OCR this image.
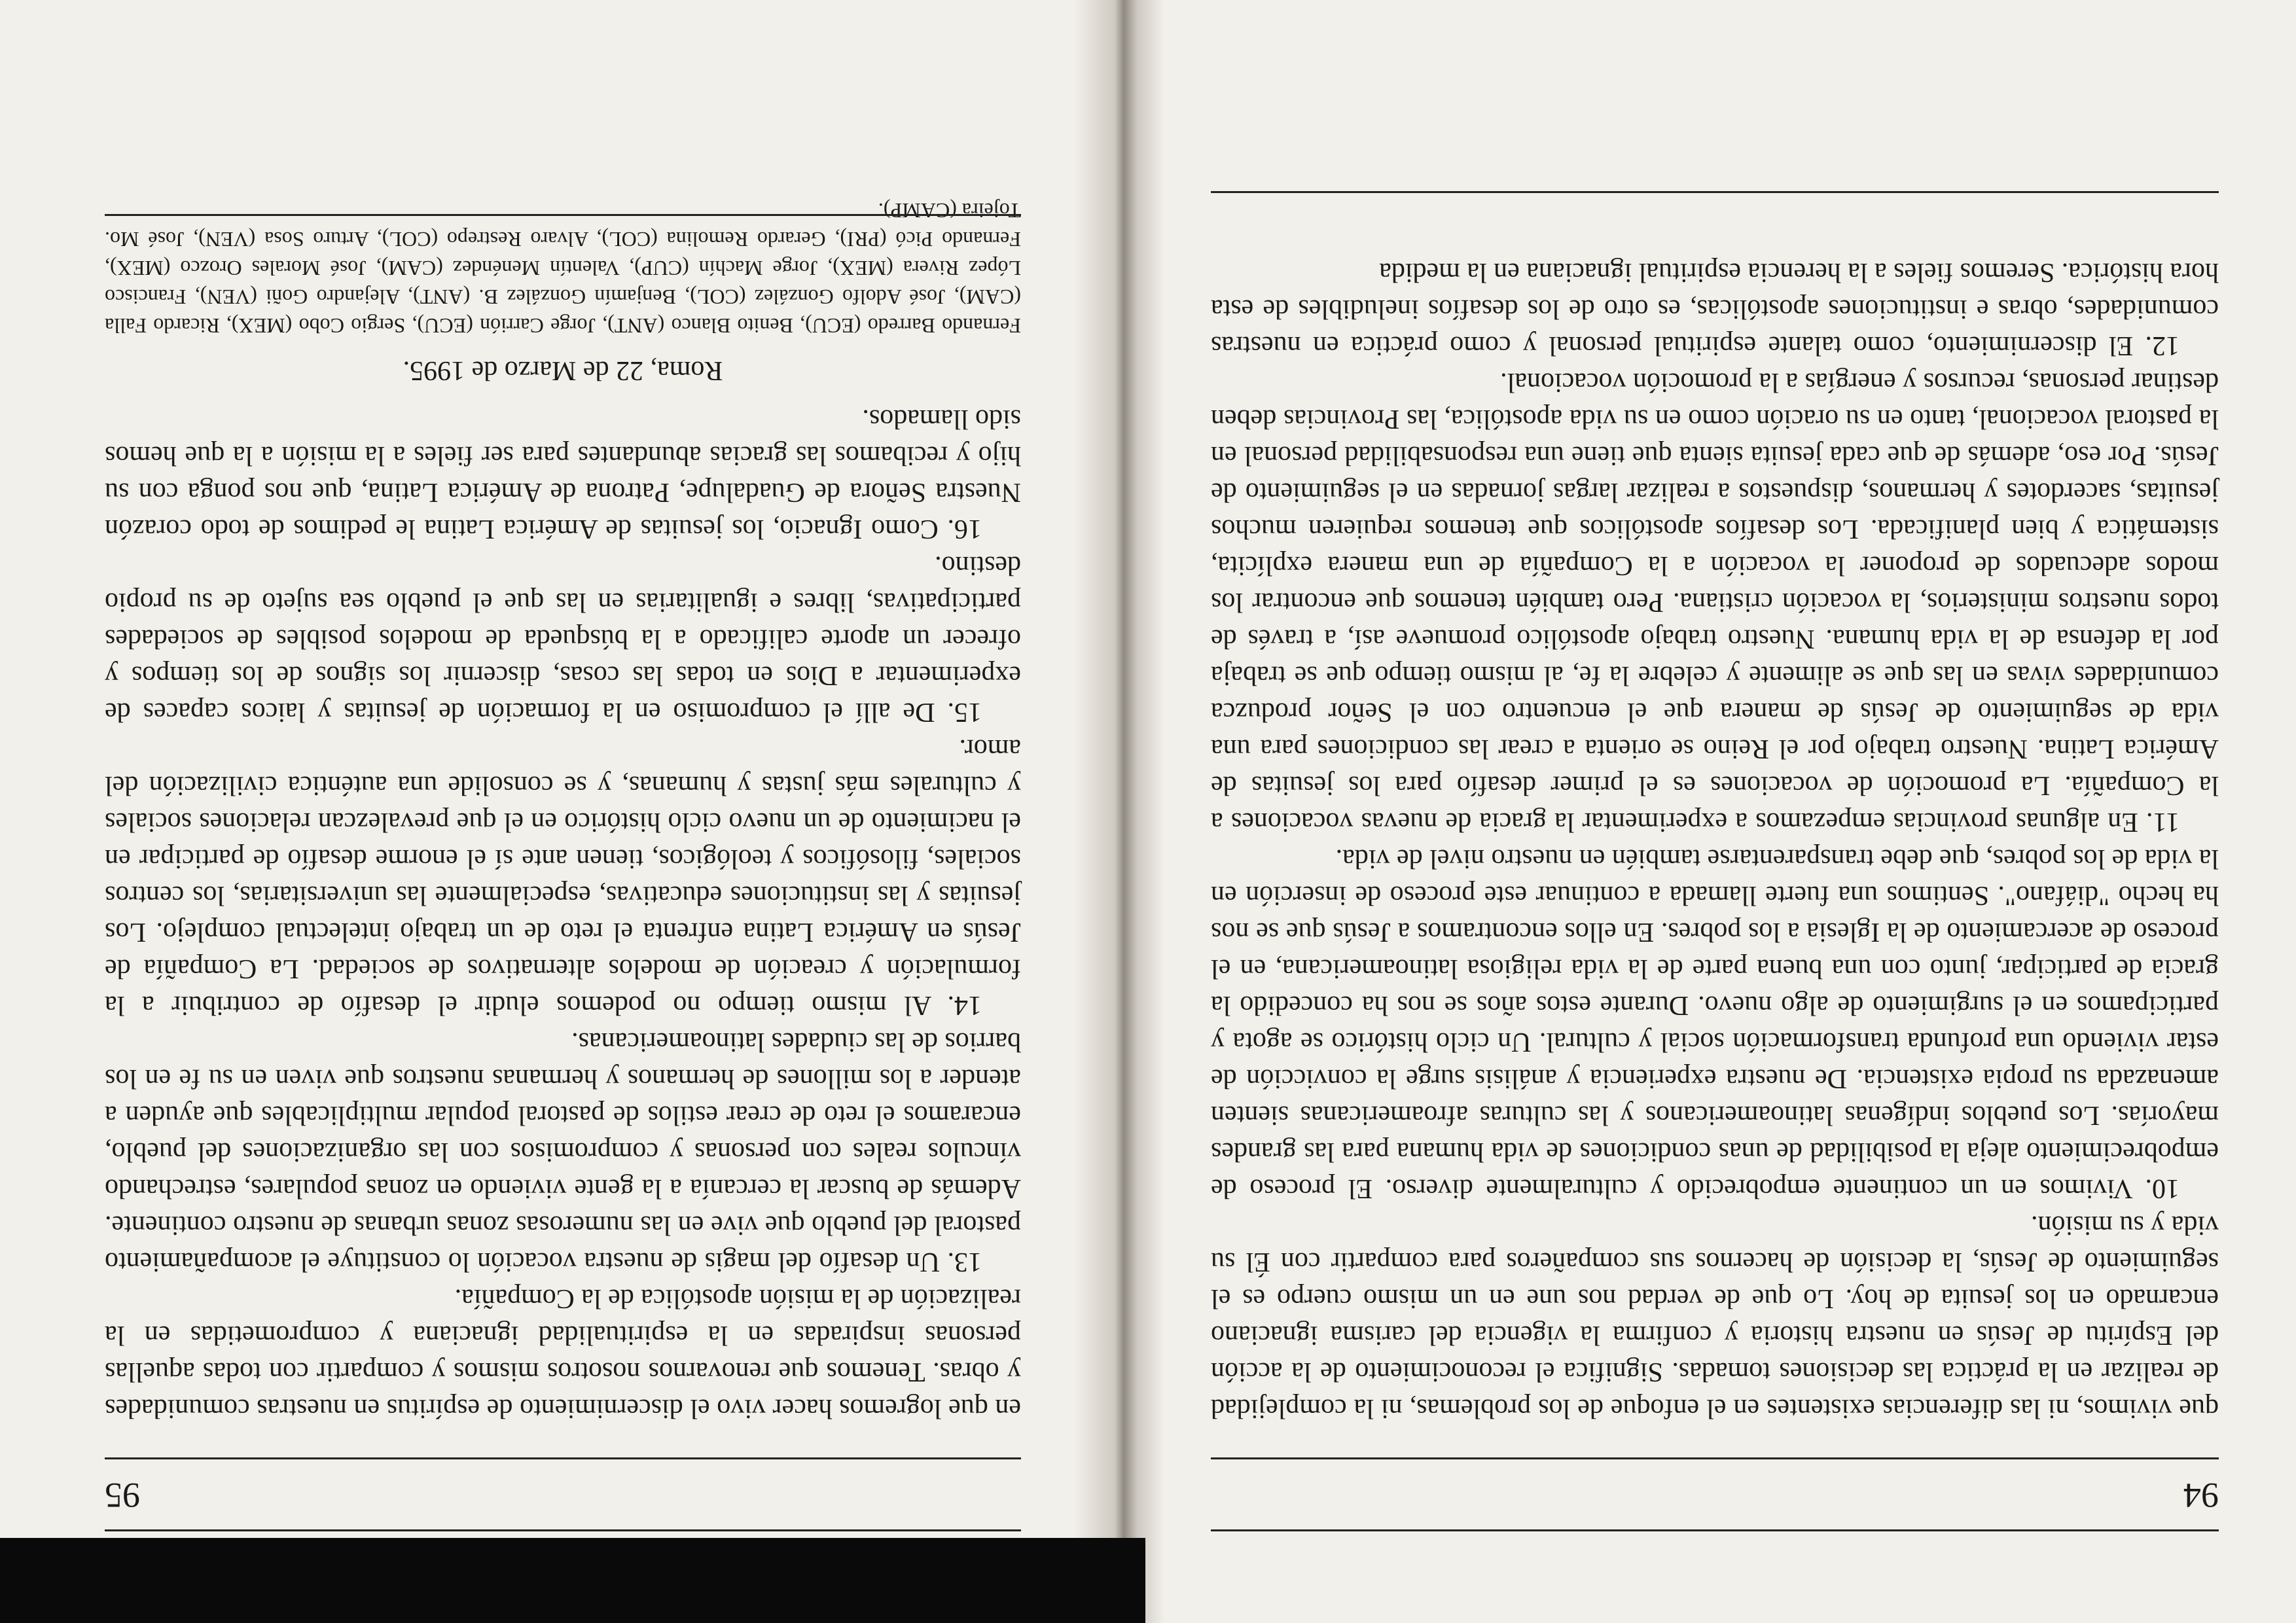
95

en que logremos hacer vivo el discernimiento de espíritus en nuestras comunidades y obras. Tenemos que renovarnos nosotros mismos y compartir con todas aquellas personas inspiradas en la espiritualidad ignaciana y comprometidas en la realización de la misión apostólica de la Compañía.

13. Un desafío del magis de nuestra vocación lo constituye el acompañamiento pastoral del pueblo que vive en las numerosas zonas urbanas de nuestro continente. Además de buscar la cercanía a la gente viviendo en zonas populares, estrechando vínculos reales con personas y compromisos con las organizaciones del pueblo, encaramos el reto de crear estilos de pastoral popular multiplicables que ayuden a atender a los millones de hermanos y hermanas nuestros que viven en su fe en los barrios de las ciudades latinoamericanas.

14. Al mismo tiempo no podemos eludir el desafío de contribuir a la formulación y creación de modelos alternativos de sociedad. La Compañía de Jesús en América Latina enfrenta el reto de un trabajo intelectual complejo. Los jesuitas y las instituciones educativas, especialmente las universitarias, los centros sociales, filosóficos y teológicos, tienen ante sí el enorme desafío de participar en el nacimiento de un nuevo ciclo histórico en el que prevalezcan relaciones sociales y culturales más justas y humanas, y se consolide una auténtica civilización del amor.

15. De allí el compromiso en la formación de jesuitas y laicos capaces de experimentar a Dios en todas las cosas, discernir los signos de los tiempos y ofrecer un aporte calificado a la búsqueda de modelos posibles de sociedades participativas, libres e igualitarias en las que el pueblo sea sujeto de su propio destino.

16. Como Ignacio, los jesuitas de América Latina le pedimos de todo corazón Nuestra Señora de Guadalupe, Patrona de América Latina, que nos ponga con su hijo y recibamos las gracias abundantes para ser fieles a la misión a la que hemos sido llamados.

Roma, 22 de Marzo de 1995.

Fernando Barredo (ECU), Benito Blanco (ANT), Jorge Carrión (ECU), Sergio Cobo (MEX), Ricardo Falla (CAM), José Adolfo González (COL), Benjamín González B. (ANT), Alejandro Goñi (VEN), Francisco López Rivera (MEX), Jorge Machín (CUP), Valentín Menéndez (CAM), José Morales Orozco (MEX), Fernando Picó (PRI), Gerardo Remolina (COL), Alvaro Restrepo (COL), Arturo Sosa (VEN), José Mo. Tojeira (CAMP).

94

que vivimos, ni las diferencias existentes en el enfoque de los problemas, ni la complejidad de realizar en la práctica las decisiones tomadas. Significa el reconocimiento de la acción del Espíritu de Jesús en nuestra historia y confirma la vigencia del carisma ignaciano encarnado en los jesuita de hoy. Lo que de verdad nos une en un mismo cuerpo es el seguimiento de Jesús, la decisión de hacernos sus compañeros para compartir con Él su vida y su misión.

10. Vivimos en un continente empobrecido y culturalmente diverso. El proceso de empobrecimiento aleja la posibilidad de unas condiciones de vida humana para las grandes mayorías. Los pueblos indígenas latinoamericanos y las culturas afroamericanas sienten amenazada su propia existencia. De nuestra experiencia y análisis surge la convicción de estar viviendo una profunda transformación social y cultural. Un ciclo histórico se agota y participamos en el surgimiento de algo nuevo. Durante estos años se nos ha concedido la gracia de participar, junto con una buena parte de la vida religiosa latinoamericana, en el proceso de acercamiento de la Iglesia a los pobres. En ellos encontramos a Jesús que se nos ha hecho "diáfano". Sentimos una fuerte llamada a continuar este proceso de inserción en la vida de los pobres, que debe transparentarse también en nuestro nivel de vida.

11. En algunas provincias empezamos a experimentar la gracia de nuevas vocaciones a la Compañía. La promoción de vocaciones es el primer desafío para los jesuitas de América Latina. Nuestro trabajo por el Reino se orienta a crear las condiciones para una vida de seguimiento de Jesús de manera que el encuentro con el Señor produzca comunidades vivas en las que se alimente y celebre la fe, al mismo tiempo que se trabaja por la defensa de la vida humana. Nuestro trabajo apostólico promueve así, a través de todos nuestros ministerios, la vocación cristiana. Pero también tenemos que encontrar los modos adecuados de proponer la vocación a la Compañía de una manera explícita, sistemática y bien planificada. Los desafíos apostólicos que tenemos requieren muchos jesuitas, sacerdotes y hermanos, dispuestos a realizar largas jornadas en el seguimiento de Jesús. Por eso, además de que cada jesuita sienta que tiene una responsabilidad personal en la pastoral vocacional, tanto en su oración como en su vida apostólica, las Provincias deben destinar personas, recursos y energías a la promoción vocacional.

12. El discernimiento, como talante espiritual personal y como práctica en nuestras comunidades, obras e instituciones apostólicas, es otro de los desafíos ineludibles de esta hora histórica. Seremos fieles a la herencia espiritual ignaciana en la medida
